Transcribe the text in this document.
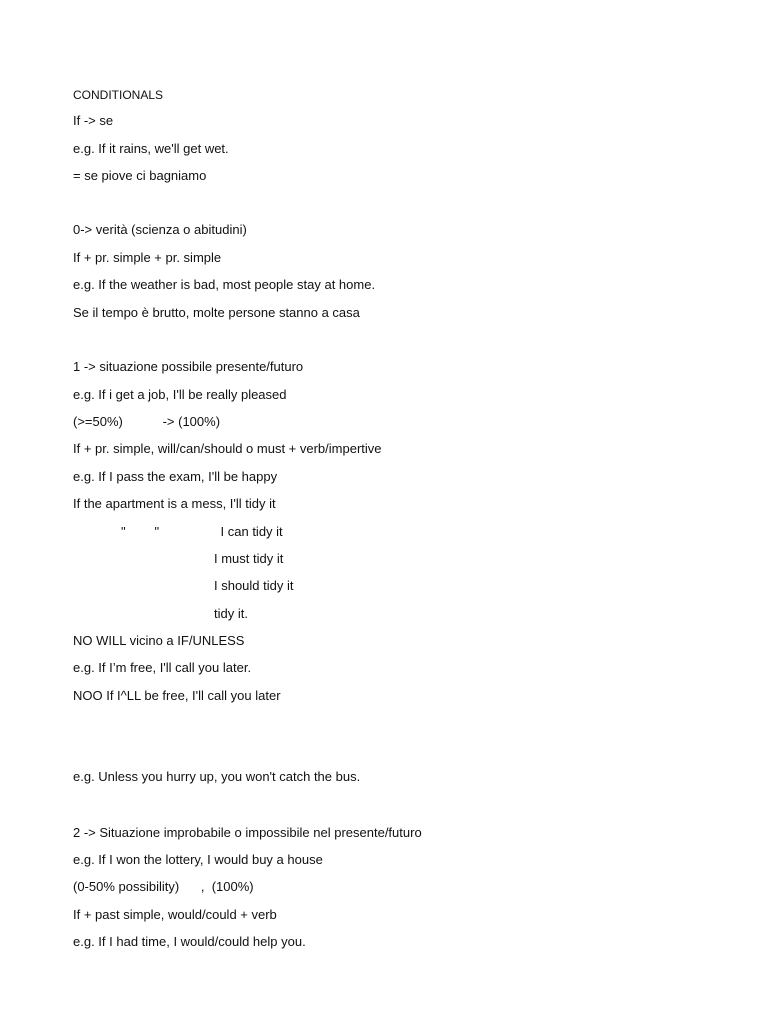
CONDITIONALS
If -> se
e.g. If it rains, we'll get wet.
= se piove ci bagniamo
0-> verità (scienza o abitudini)
If + pr. simple + pr. simple
e.g. If the weather is bad, most people stay at home.
Se il tempo è brutto, molte persone stanno a casa
1 -> situazione possibile presente/futuro
e.g. If i get a job, I'll be really pleased
(>=50%)           -> (100%)
If + pr. simple, will/can/should o must + verb/impertive
e.g. If I pass the exam, I'll be happy
If the apartment is a mess, I'll tidy it
"        "                 I can tidy it
I must tidy it
I should tidy it
tidy it.
NO WILL vicino a IF/UNLESS
e.g. If I’m free, I'll call you later.
NOO If I^LL be free, I'll call you later
e.g. Unless you hurry up, you won't catch the bus.
2 -> Situazione improbabile o impossibile nel presente/futuro
e.g. If I won the lottery, I would buy a house
(0-50% possibility)      ,  (100%)
If + past simple, would/could + verb
e.g. If I had time, I would/could help you.
